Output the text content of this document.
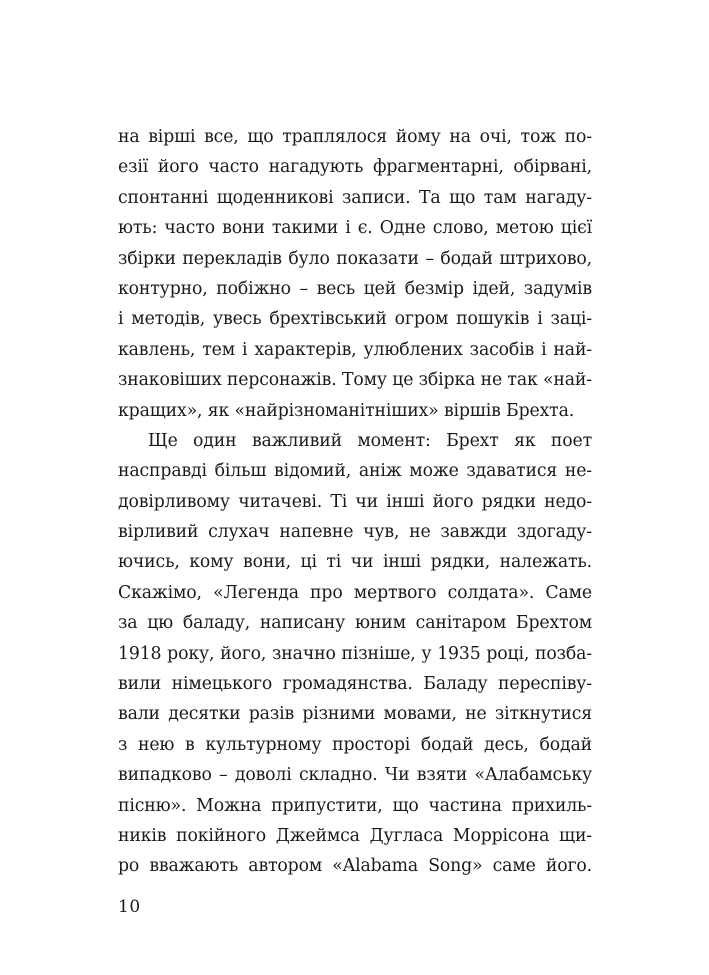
на вірші все, що траплялося йому на очі, тож по-
езії його часто нагадують фрагментарні, обірвані,
спонтанні щоденникові записи. Та що там нагаду-
ють: часто вони такими і є. Одне слово, метою цієї
збірки перекладів було показати – бодай штрихово,
контурно, побіжно – весь цей безмір ідей, задумів
і методів, увесь брехтівський огром пошуків і заці-
кавлень, тем і характерів, улюблених засобів і най-
знаковіших персонажів. Тому це збірка не так «най-
кращих», як «найрізноманітніших» віршів Брехта.
Ще один важливий момент: Брехт як поет
насправді більш відомий, аніж може здаватися не-
довірливому читачеві. Ті чи інші його рядки недо-
вірливий слухач напевне чув, не завжди здогаду-
ючись, кому вони, ці ті чи інші рядки, належать.
Скажімо, «Легенда про мертвого солдата». Саме
за цю баладу, написану юним санітаром Брехтом
1918 року, його, значно пізніше, у 1935 році, позба-
вили німецького громадянства. Баладу переспіву-
вали десятки разів різними мовами, не зіткнутися
з нею в культурному просторі бодай десь, бодай
випадково – доволі складно. Чи взяти «Алабамську
пісню». Можна припустити, що частина прихиль-
ників покійного Джеймса Дугласа Моррісона щи-
ро вважають автором «Alabama Song» саме його.
10
